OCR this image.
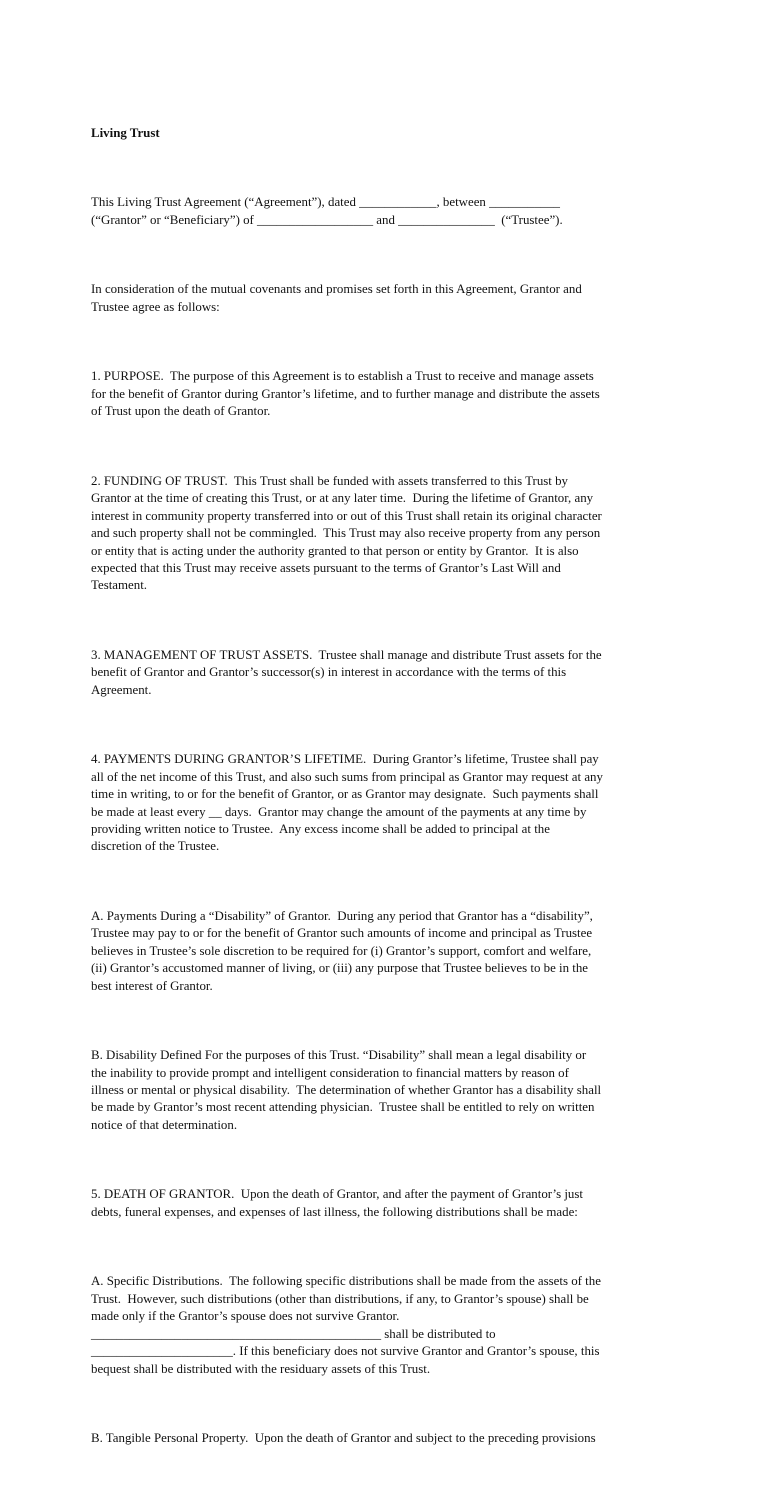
Living Trust

This Living Trust Agreement (“Agreement”), dated ____________, between ___________
(“Grantor” or “Beneficiary”) of __________________ and _______________  (“Trustee”).

In consideration of the mutual covenants and promises set forth in this Agreement, Grantor and
Trustee agree as follows:

1. PURPOSE.  The purpose of this Agreement is to establish a Trust to receive and manage assets
for the benefit of Grantor during Grantor’s lifetime, and to further manage and distribute the assets
of Trust upon the death of Grantor.

2. FUNDING OF TRUST.  This Trust shall be funded with assets transferred to this Trust by
Grantor at the time of creating this Trust, or at any later time.  During the lifetime of Grantor, any
interest in community property transferred into or out of this Trust shall retain its original character
and such property shall not be commingled.  This Trust may also receive property from any person
or entity that is acting under the authority granted to that person or entity by Grantor.  It is also
expected that this Trust may receive assets pursuant to the terms of Grantor’s Last Will and
Testament.

3. MANAGEMENT OF TRUST ASSETS.  Trustee shall manage and distribute Trust assets for the
benefit of Grantor and Grantor’s successor(s) in interest in accordance with the terms of this
Agreement.

4. PAYMENTS DURING GRANTOR’S LIFETIME.  During Grantor’s lifetime, Trustee shall pay
all of the net income of this Trust, and also such sums from principal as Grantor may request at any
time in writing, to or for the benefit of Grantor, or as Grantor may designate.  Such payments shall
be made at least every __ days.  Grantor may change the amount of the payments at any time by
providing written notice to Trustee.  Any excess income shall be added to principal at the
discretion of the Trustee.

A. Payments During a “Disability” of Grantor.  During any period that Grantor has a “disability”,
Trustee may pay to or for the benefit of Grantor such amounts of income and principal as Trustee
believes in Trustee’s sole discretion to be required for (i) Grantor’s support, comfort and welfare,
(ii) Grantor’s accustomed manner of living, or (iii) any purpose that Trustee believes to be in the
best interest of Grantor.

B. Disability Defined For the purposes of this Trust. “Disability” shall mean a legal disability or
the inability to provide prompt and intelligent consideration to financial matters by reason of
illness or mental or physical disability.  The determination of whether Grantor has a disability shall
be made by Grantor’s most recent attending physician.  Trustee shall be entitled to rely on written
notice of that determination.

5. DEATH OF GRANTOR.  Upon the death of Grantor, and after the payment of Grantor’s just
debts, funeral expenses, and expenses of last illness, the following distributions shall be made:

A. Specific Distributions.  The following specific distributions shall be made from the assets of the
Trust.  However, such distributions (other than distributions, if any, to Grantor’s spouse) shall be
made only if the Grantor’s spouse does not survive Grantor.
_____________________________________________ shall be distributed to
______________________. If this beneficiary does not survive Grantor and Grantor’s spouse, this
bequest shall be distributed with the residuary assets of this Trust.

B. Tangible Personal Property.  Upon the death of Grantor and subject to the preceding provisions
